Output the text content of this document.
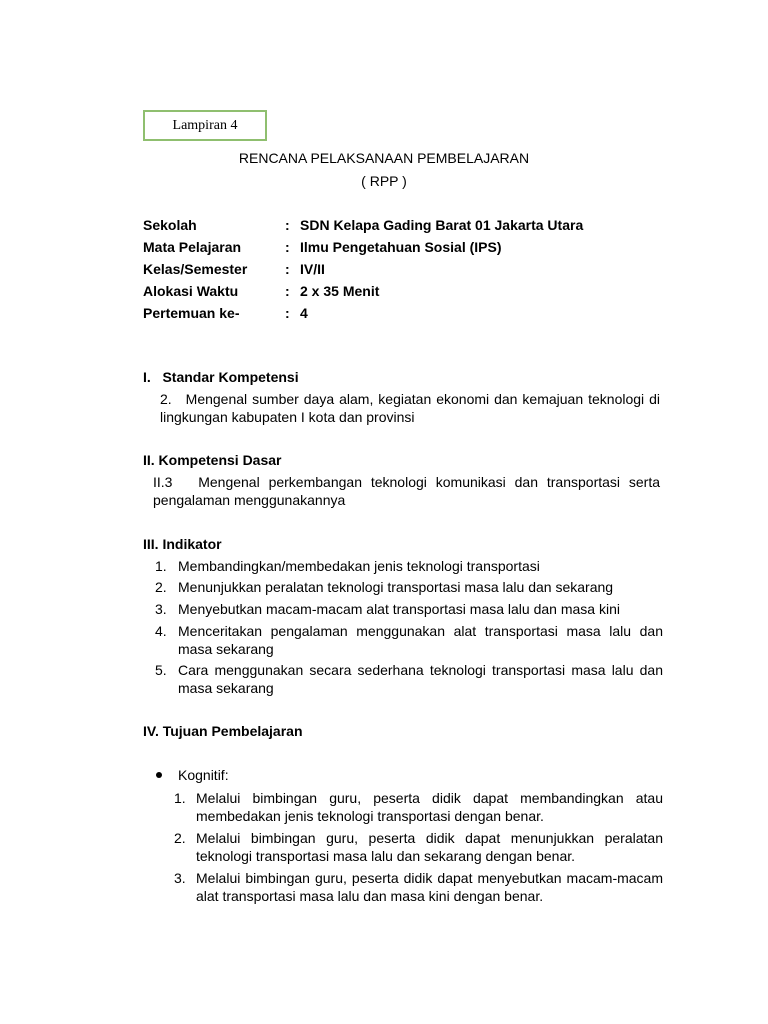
Lampiran 4
RENCANA PELAKSANAAN PEMBELAJARAN
( RPP )
Sekolah	: SDN Kelapa Gading Barat 01 Jakarta Utara
Mata Pelajaran	: Ilmu Pengetahuan Sosial (IPS)
Kelas/Semester	: IV/II
Alokasi Waktu	: 2 x 35 Menit
Pertemuan ke-	: 4
I.   Standar Kompetensi
2. Mengenal sumber daya alam, kegiatan ekonomi dan kemajuan teknologi di lingkungan kabupaten I kota dan provinsi
II. Kompetensi Dasar
II.3 Mengenal perkembangan teknologi komunikasi dan transportasi serta pengalaman menggunakannya
III. Indikator
1. Membandingkan/membedakan jenis teknologi transportasi
2. Menunjukkan peralatan teknologi transportasi masa lalu dan sekarang
3. Menyebutkan macam-macam alat transportasi masa lalu dan masa kini
4. Menceritakan pengalaman menggunakan alat transportasi masa lalu dan masa sekarang
5. Cara menggunakan secara sederhana teknologi transportasi masa lalu dan masa sekarang
IV. Tujuan Pembelajaran
Kognitif:
1. Melalui bimbingan guru, peserta didik dapat membandingkan atau membedakan jenis teknologi transportasi dengan benar.
2. Melalui bimbingan guru, peserta didik dapat menunjukkan peralatan teknologi transportasi masa lalu dan sekarang dengan benar.
3. Melalui bimbingan guru, peserta didik dapat menyebutkan macam-macam alat transportasi masa lalu dan masa kini dengan benar.
